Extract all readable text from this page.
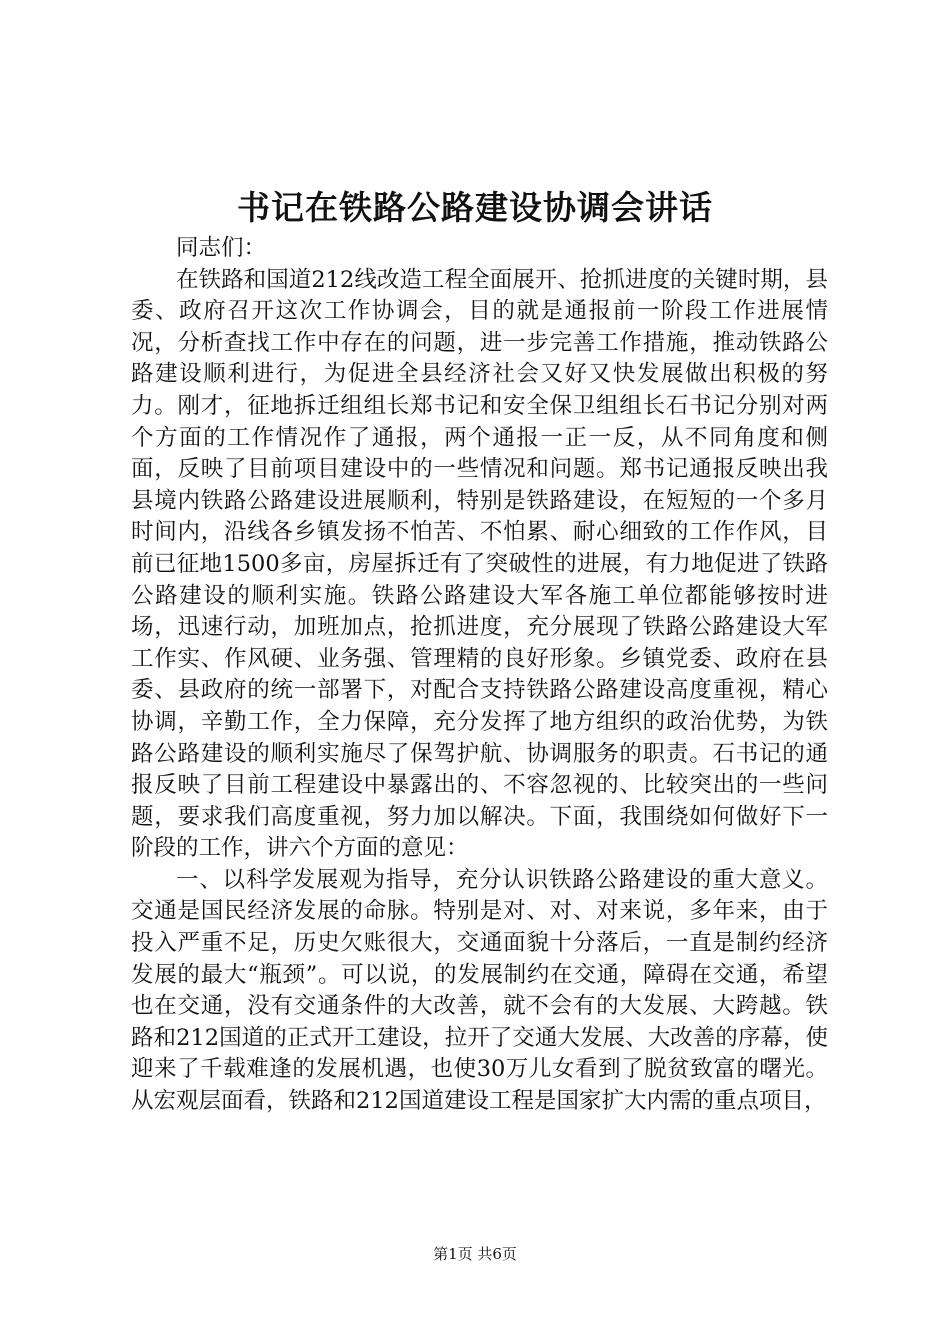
书记在铁路公路建设协调会讲话

同志们：

在铁路和国道212线改造工程全面展开、抢抓进度的关键时期，县委、政府召开这次工作协调会，目的就是通报前一阶段工作进展情况，分析查找工作中存在的问题，进一步完善工作措施，推动铁路公路建设顺利进行，为促进全县经济社会又好又快发展做出积极的努力。刚才，征地拆迁组组长郑书记和安全保卫组组长石书记分别对两个方面的工作情况作了通报，两个通报一正一反，从不同角度和侧面，反映了目前项目建设中的一些情况和问题。郑书记通报反映出我县境内铁路公路建设进展顺利，特别是铁路建设，在短短的一个多月时间内，沿线各乡镇发扬不怕苦、不怕累、耐心细致的工作作风，目前已征地1500多亩，房屋拆迁有了突破性的进展，有力地促进了铁路公路建设的顺利实施。铁路公路建设大军各施工单位都能够按时进场，迅速行动，加班加点，抢抓进度，充分展现了铁路公路建设大军工作实、作风硬、业务强、管理精的良好形象。乡镇党委、政府在县委、县政府的统一部署下，对配合支持铁路公路建设高度重视，精心协调，辛勤工作，全力保障，充分发挥了地方组织的政治优势，为铁路公路建设的顺利实施尽了保驾护航、协调服务的职责。石书记的通报反映了目前工程建设中暴露出的、不容忽视的、比较突出的一些问题，要求我们高度重视，努力加以解决。下面，我围绕如何做好下一阶段的工作，讲六个方面的意见：

一、以科学发展观为指导，充分认识铁路公路建设的重大意义。交通是国民经济发展的命脉。特别是对、对、对来说，多年来，由于投入严重不足，历史欠账很大，交通面貌十分落后，一直是制约经济发展的最大“瓶颈”。可以说，的发展制约在交通，障碍在交通，希望也在交通，没有交通条件的大改善，就不会有的大发展、大跨越。铁路和212国道的正式开工建设，拉开了交通大发展、大改善的序幕，使迎来了千载难逢的发展机遇，也使30万儿女看到了脱贫致富的曙光。从宏观层面看，铁路和212国道建设工程是国家扩大内需的重点项目，

第1页 共6页
